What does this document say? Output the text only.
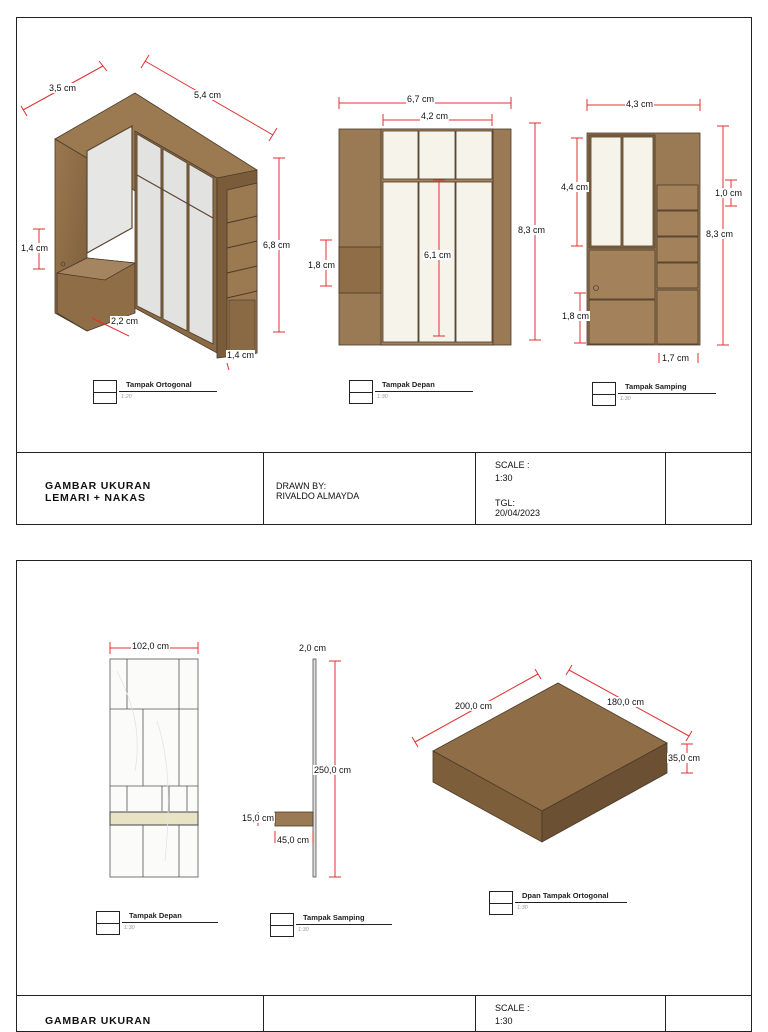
3,5 cm
5,4 cm
6,8 cm
1,4 cm
2,2 cm
1,4 cm
6,7 cm
4,2 cm
8,3 cm
6,1 cm
1,8 cm
4,3 cm
4,4 cm
1,0 cm
8,3 cm
1,8 cm
1,7 cm
Tampak Ortogonal
1:20
Tampak Depan
1:30
Tampak Samping
1:30
GAMBAR UKURAN
LEMARI + NAKAS
DRAWN BY:
RIVALDO ALMAYDA
SCALE :
1:30
TGL:
20/04/2023
102,0 cm	2,0 cm
250,0 cm
15,0 cm
45,0 cm
200,0 cm	180,0 cm
35,0 cm
Tampak Depan
1:30
Tampak Samping
1:30
Dpan Tampak Ortogonal
1:30
GAMBAR UKURAN
SCALE :
1:30
